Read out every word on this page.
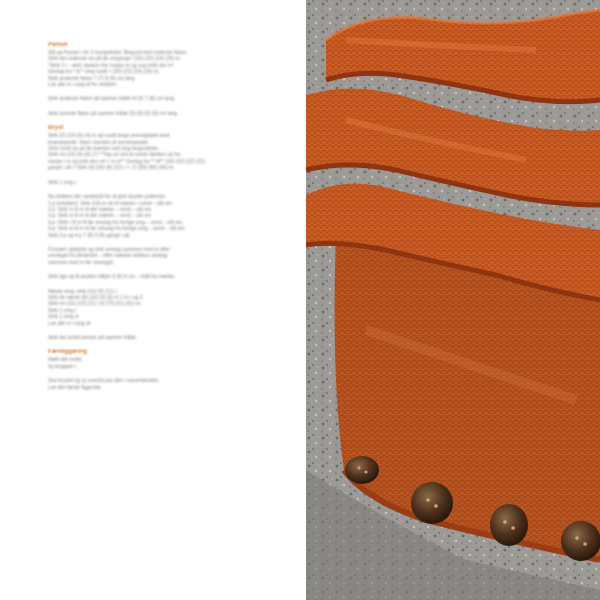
Panser

Slå op Panser i de 3 mongokstier. Begynd med vederste flatve.
Strik den inderste vis på de omgange i (20) (22) (24) (26) m.
*Strik 2 r - slet1 dankvo the maske to ug sug srt(t) der m*.
Gentag fra * til * omg rundt = (20) (22) (24) (26) m.
Strik anderste flatve 7 (7) 8 (9) cm lang.
Luk alle m i rang af fre strikken.

Strik anderste flatve på samme måde til (3) 7 (8) cm lang.

Strik øverste flatve på samme måde (5) (6) (5) (6) cm lang.

Bryst

Strik (5) (10) (6) (4) m op rundt langs øverstpladet med
knæstepinde. Start i bunden af venstrepladet.
Strik rundt op ad de mærker ved omg begyndelse.
Strik ret (10) (9) (8) (7) **Tag ud ved at samle tænken op fra
maske i ry og strik den ret = m to** Gentag fra ** til** (24) (22) (22) (22)
gange i alt = Strik (4) (20) (8) (22) r = 71 (83) (95) (95) m.

Strik 1 omg r.

Nu strikkes der vandetråt for at give bryster polterner:
1.p (retsiden): Strik (19) m ret til mærke: i vend – slå om.
2.p: Strik m til m til det mærke – vend – slå om.
3.p: Strik m til m til det mærke – vend – slå om.
4.p: Strik r til m til før omslag fra forrige omg – vend – slå om.
5.p: Strik m til m til før omslag fra forrige omg – vend – slå om.
Strik 3 p og 4 p 7 (8) 9 (9) gange i alt.

Fortsæt i glatstrik og strik omslag sammen med m efter
omslaget fra tilmærket – efter mærket strikkes omslag
sammen med m før omslaget.

Strik lige op til ønsket mål(er 5 (6) 6 cm – målt fra mærke.

Næste omg: strik (10) (9) (11) r.
Strik de næste (8) (10) (9) (6) m 1 m r og 2
Strik ret (10) (10) (11) r til (70) (61) (61) m.
Strik 1 omg r.
Strik 1 omg vr.
Luk alle m i rang af.

Strik det andet panser på samme måde.

Færdiggøring

Hæft alle ender.
Sy knapper i.

Slut brystet og sy ovenfra per den i narremønstret.
Luk den første figgende.
